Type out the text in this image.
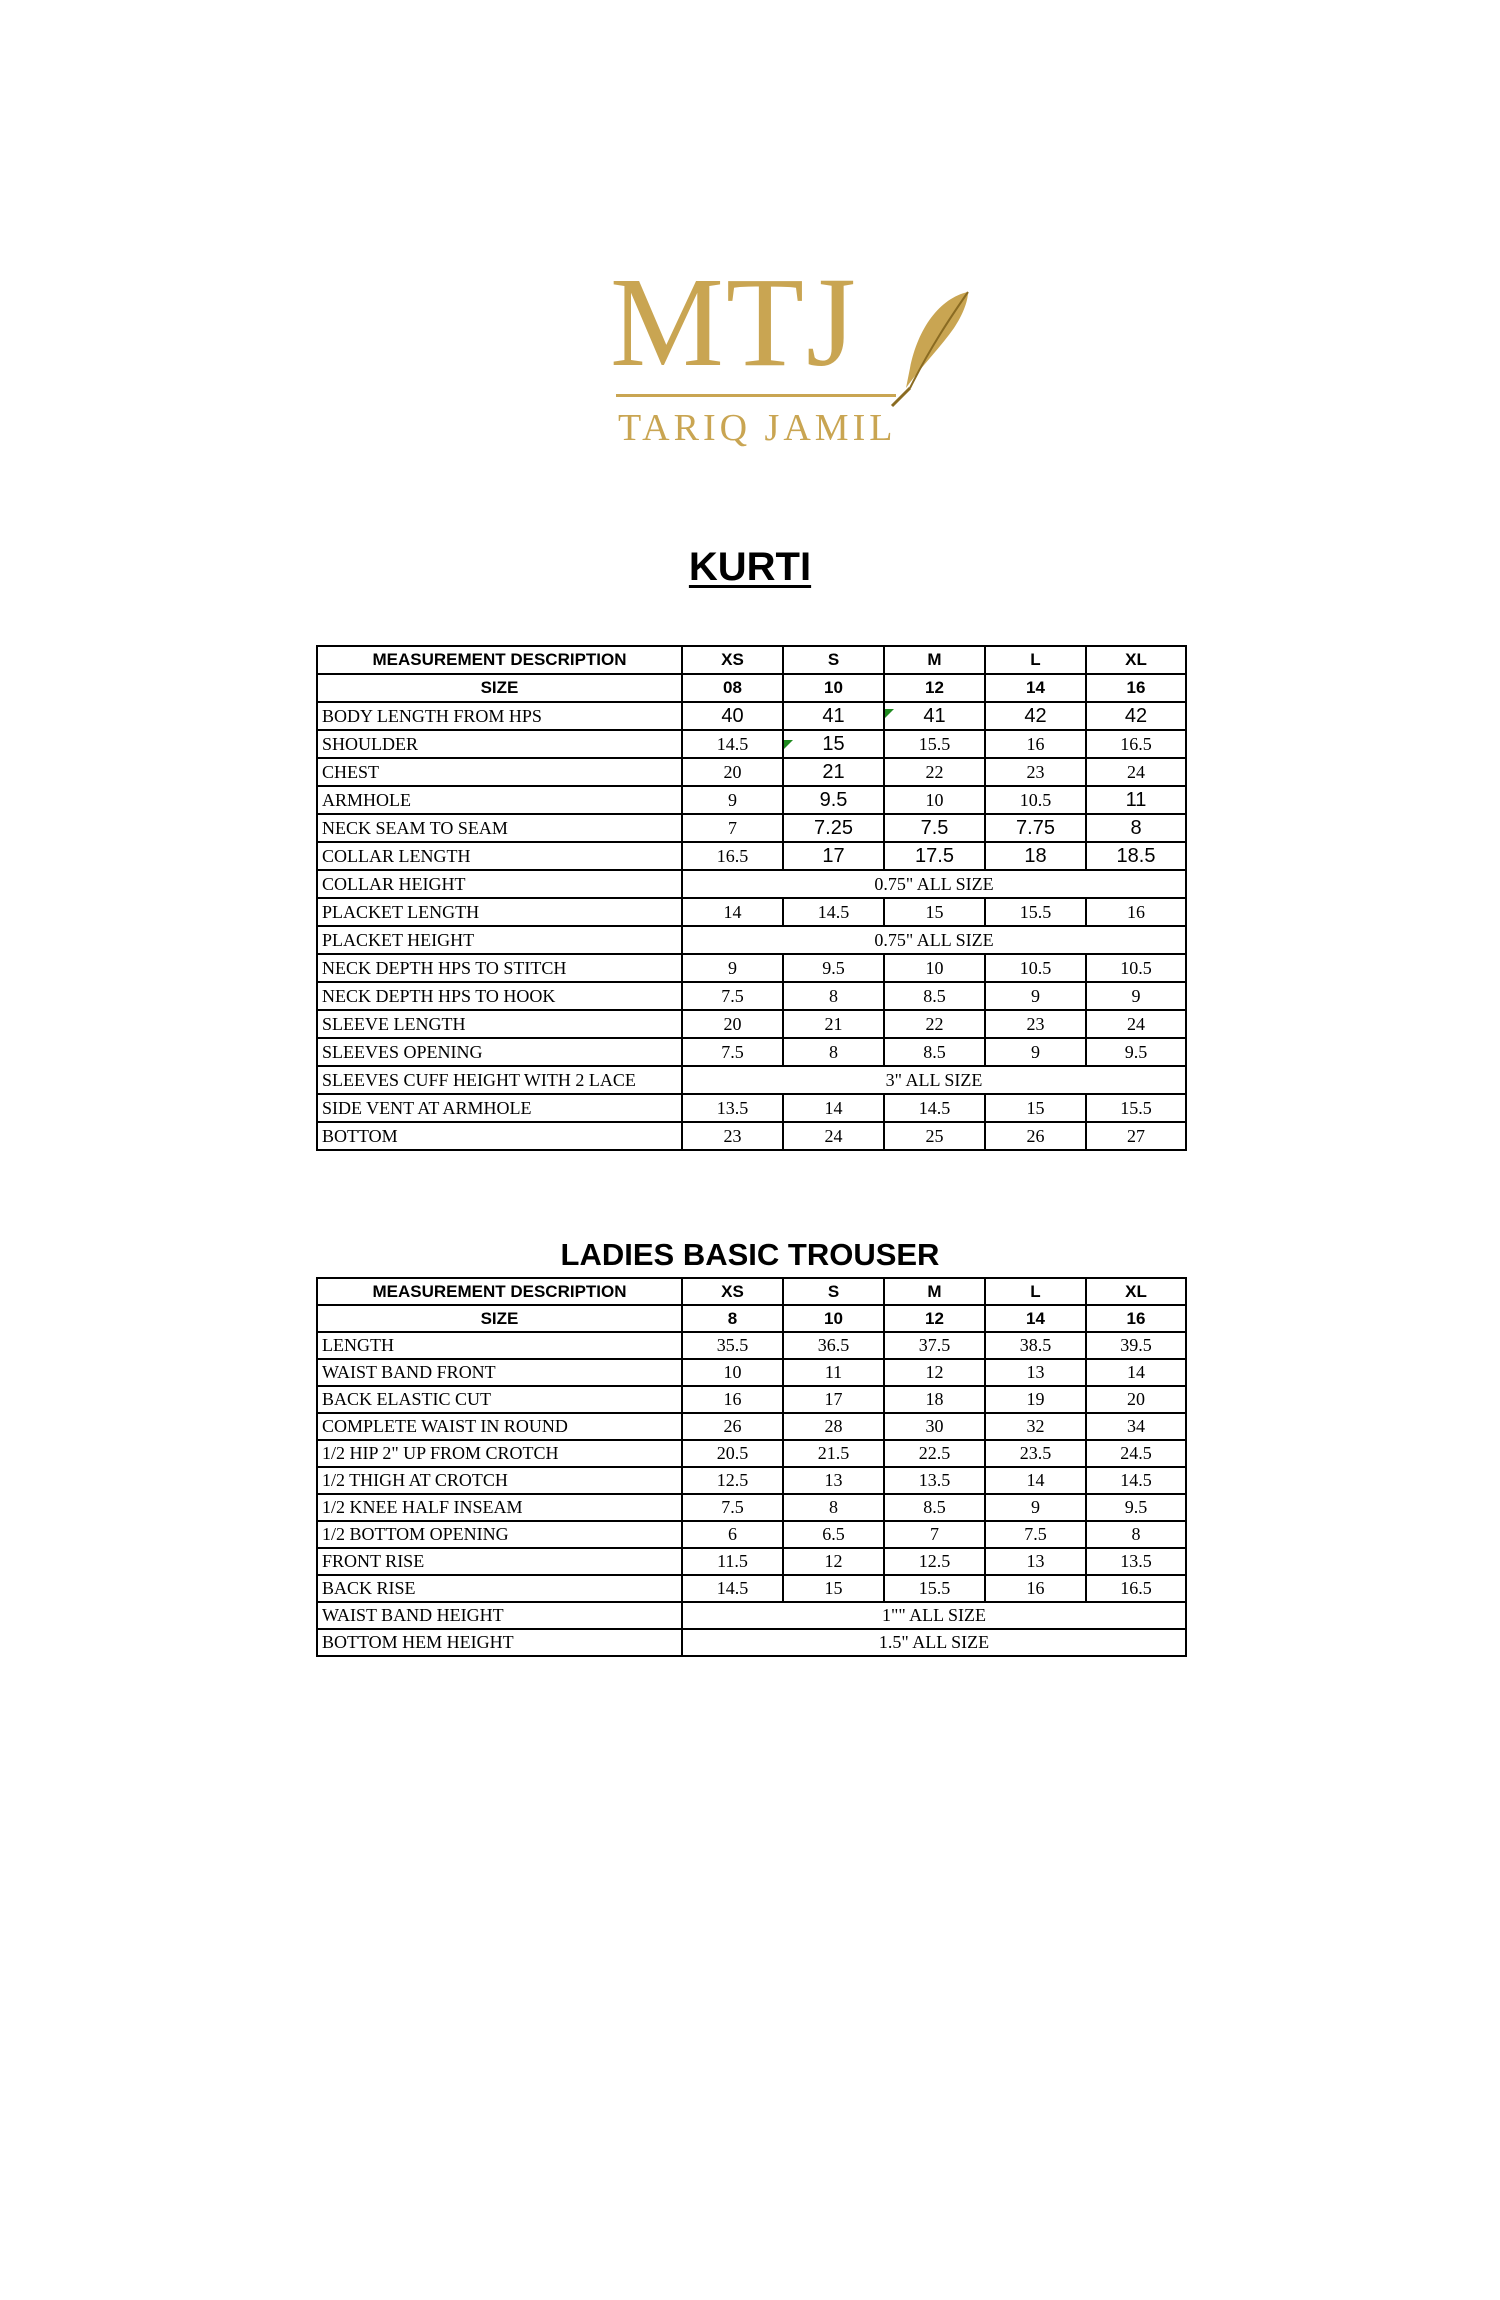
MTJ
TARIQ JAMIL
KURTI
MEASUREMENT DESCRIPTION	XS	S	M	L	XL
SIZE	08	10	12	14	16
BODY LENGTH FROM HPS	40	41	41	42	42
SHOULDER	14.5	15	15.5	16	16.5
CHEST	20	21	22	23	24
ARMHOLE	9	9.5	10	10.5	11
NECK SEAM TO SEAM	7	7.25	7.5	7.75	8
COLLAR LENGTH	16.5	17	17.5	18	18.5
COLLAR HEIGHT	0.75" ALL SIZE				
PLACKET LENGTH	14	14.5	15	15.5	16
PLACKET HEIGHT	0.75" ALL SIZE				
NECK DEPTH HPS TO STITCH	9	9.5	10	10.5	10.5
NECK DEPTH HPS TO HOOK	7.5	8	8.5	9	9
SLEEVE LENGTH	20	21	22	23	24
SLEEVES OPENING	7.5	8	8.5	9	9.5
SLEEVES CUFF HEIGHT WITH 2 LACE	3" ALL SIZE				
SIDE VENT AT ARMHOLE	13.5	14	14.5	15	15.5
BOTTOM	23	24	25	26	27
LADIES BASIC TROUSER
MEASUREMENT DESCRIPTION	XS	S	M	L	XL
SIZE	8	10	12	14	16
LENGTH	35.5	36.5	37.5	38.5	39.5
WAIST BAND FRONT	10	11	12	13	14
BACK ELASTIC CUT	16	17	18	19	20
COMPLETE WAIST IN ROUND	26	28	30	32	34
1/2 HIP 2" UP FROM CROTCH	20.5	21.5	22.5	23.5	24.5
1/2 THIGH AT CROTCH	12.5	13	13.5	14	14.5
1/2 KNEE HALF INSEAM	7.5	8	8.5	9	9.5
1/2 BOTTOM OPENING	6	6.5	7	7.5	8
FRONT RISE	11.5	12	12.5	13	13.5
BACK RISE	14.5	15	15.5	16	16.5
WAIST BAND HEIGHT	1"" ALL SIZE				
BOTTOM HEM HEIGHT	1.5" ALL SIZE				
